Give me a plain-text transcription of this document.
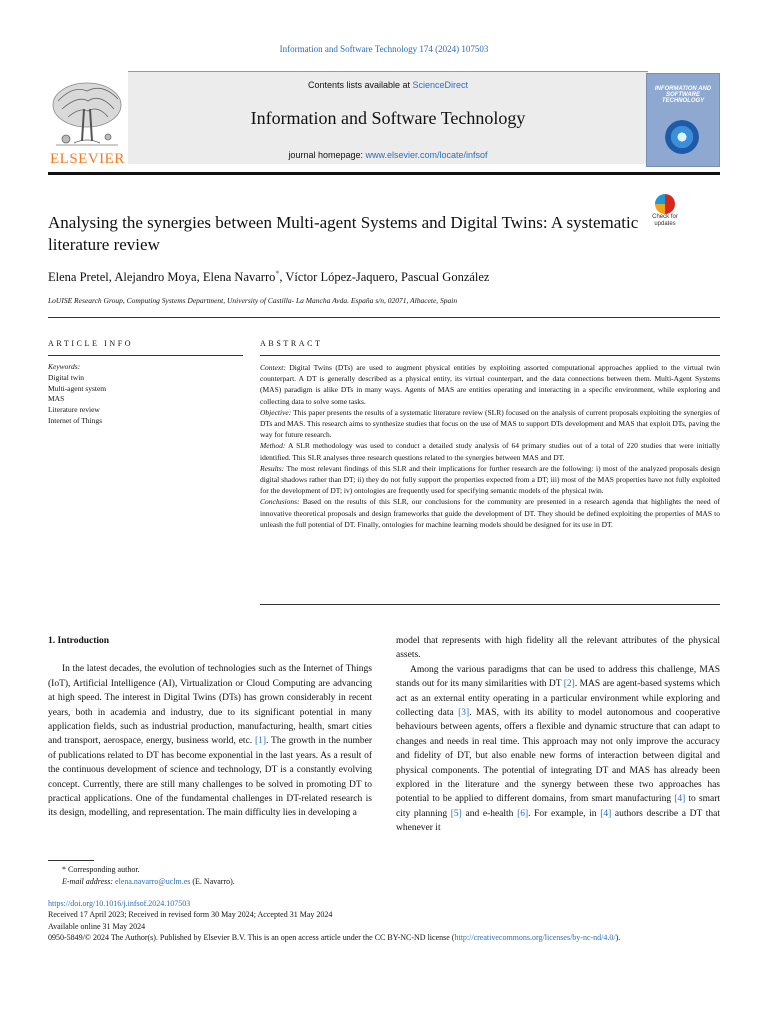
Information and Software Technology 174 (2024) 107503
ELSEVIER
Contents lists available at ScienceDirect
Information and Software Technology
journal homepage: www.elsevier.com/locate/infsof
INFORMATION AND SOFTWARE TECHNOLOGY
Analysing the synergies between Multi-agent Systems and Digital Twins: A systematic literature review
Check for updates
Elena Pretel, Alejandro Moya, Elena Navarro*, Víctor López-Jaquero, Pascual González
LoUISE Research Group, Computing Systems Department, University of Castilla- La Mancha Avda. España s/n, 02071, Albacete, Spain
ARTICLE INFO	ABSTRACT
Keywords:
Digital twin
Multi-agent system
MAS
Literature review
Internet of Things

Context: Digital Twins (DTs) are used to augment physical entities by exploiting assorted computational approaches applied to the virtual twin counterpart. A DT is generally described as a physical entity, its virtual counterpart, and the data connections between them. Multi-Agent Systems (MAS) paradigm is alike DTs in many ways. Agents of MAS are entities operating and interacting in a specific environment, while exploring and collecting data to solve some tasks.

Objective: This paper presents the results of a systematic literature review (SLR) focused on the analysis of current proposals exploiting the synergies of DTs and MAS. This research aims to synthesize studies that focus on the use of MAS to support DTs development and MAS that exploit DTs, paving the way for future research.

Method: A SLR methodology was used to conduct a detailed study analysis of 64 primary studies out of a total of 220 studies that were initially identified. This SLR analyses three research questions related to the synergies between MAS and DT.

Results: The most relevant findings of this SLR and their implications for further research are the following: i) most of the analyzed proposals design digital shadows rather than DT; ii) they do not fully support the properties expected from a DT; iii) most of the MAS properties have not fully exploited for the development of DT; iv) ontologies are frequently used for specifying semantic models of the physical twin.

Conclusions: Based on the results of this SLR, our conclusions for the community are presented in a research agenda that highlights the need of innovative theoretical proposals and design frameworks that guide the development of DT. They should be defined exploiting the properties of MAS to unleash the full potential of DT. Finally, ontologies for machine learning models should be designed for its use in DT.

1. Introduction

In the latest decades, the evolution of technologies such as the Internet of Things (IoT), Artificial Intelligence (AI), Virtualization or Cloud Computing are advancing at high speed. The interest in Digital Twins (DTs) has grown considerably in recent years, both in academia and industry, due to its significant potential in many application fields, such as industrial production, manufacturing, health, smart cities and transport, aerospace, energy, business world, etc. [1]. The growth in the number of publications related to DT has become exponential in the last years. As a result of the continuous development of science and technology, DT is a constantly evolving concept. Currently, there are still many challenges to be solved in promoting DT to practical applications. One of the fundamental challenges in DT-related research is its design, modelling, and representation. The main difficulty lies in developing a

model that represents with high fidelity all the relevant attributes of the physical assets.

Among the various paradigms that can be used to address this challenge, MAS stands out for its many similarities with DT [2]. MAS are agent-based systems which act as an external entity operating in a particular environment while exploring and collecting data [3]. MAS, with its ability to model autonomous and cooperative behaviours between agents, offers a flexible and dynamic structure that can adapt to changes and needs in real time. This approach may not only improve the accuracy and fidelity of DT, but also enable new forms of interaction between digital and physical components. The potential of integrating DT and MAS has already been explored in the literature and the synergy between these two approaches has potential to be applied to different domains, from smart manufacturing [4] to smart city planning [5] and e-health [6]. For example, in [4] authors describe a DT that whenever it

* Corresponding author.
E-mail address: elena.navarro@uclm.es (E. Navarro).
https://doi.org/10.1016/j.infsof.2024.107503
Received 17 April 2023; Received in revised form 30 May 2024; Accepted 31 May 2024
Available online 31 May 2024
0950-5849/© 2024 The Author(s). Published by Elsevier B.V. This is an open access article under the CC BY-NC-ND license (http://creativecommons.org/licenses/by-nc-nd/4.0/).
